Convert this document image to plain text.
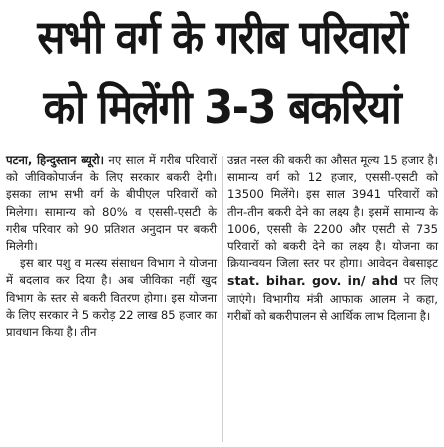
सभी वर्ग के गरीब परिवारों
को मिलेंगी 3-3 बकरियां

पटना, हिन्दुस्तान ब्यूरो। नए साल में गरीब परिवारों को जीविकोपार्जन के लिए सरकार बकरी देगी। इसका लाभ सभी वर्ग के बीपीएल परिवारों को मिलेगा। सामान्य को 80% व एससी-एसटी के गरीब परिवार को 90 प्रतिशत अनुदान पर बकरी मिलेगी।

इस बार पशु व मत्स्य संसाधन विभाग ने योजना में बदलाव कर दिया है। अब जीविका नहीं खुद विभाग के स्तर से बकरी वितरण होगा। इस योजना के लिए सरकार ने 5 करोड़ 22 लाख 85 हजार का प्रावधान किया है। तीन

उन्नत नस्ल की बकरी का औसत मूल्य 15 हजार है। सामान्य वर्ग को 12 हजार, एससी-एसटी को 13500 मिलेंगे। इस साल 3941 परिवारों को तीन-तीन बकरी देने का लक्ष्य है। इसमें सामान्य के 1006, एससी के 2200 और एसटी से 735 परिवारों को बकरी देने का लक्ष्य है। योजना का क्रियान्वयन जिला स्तर पर होगा। आवेदन वेबसाइट stat. bihar. gov. in/ ahd पर लिए जाएंगे। विभागीय मंत्री आफाक आलम ने कहा, गरीबों को बकरीपालन से आर्थिक लाभ दिलाना है।
